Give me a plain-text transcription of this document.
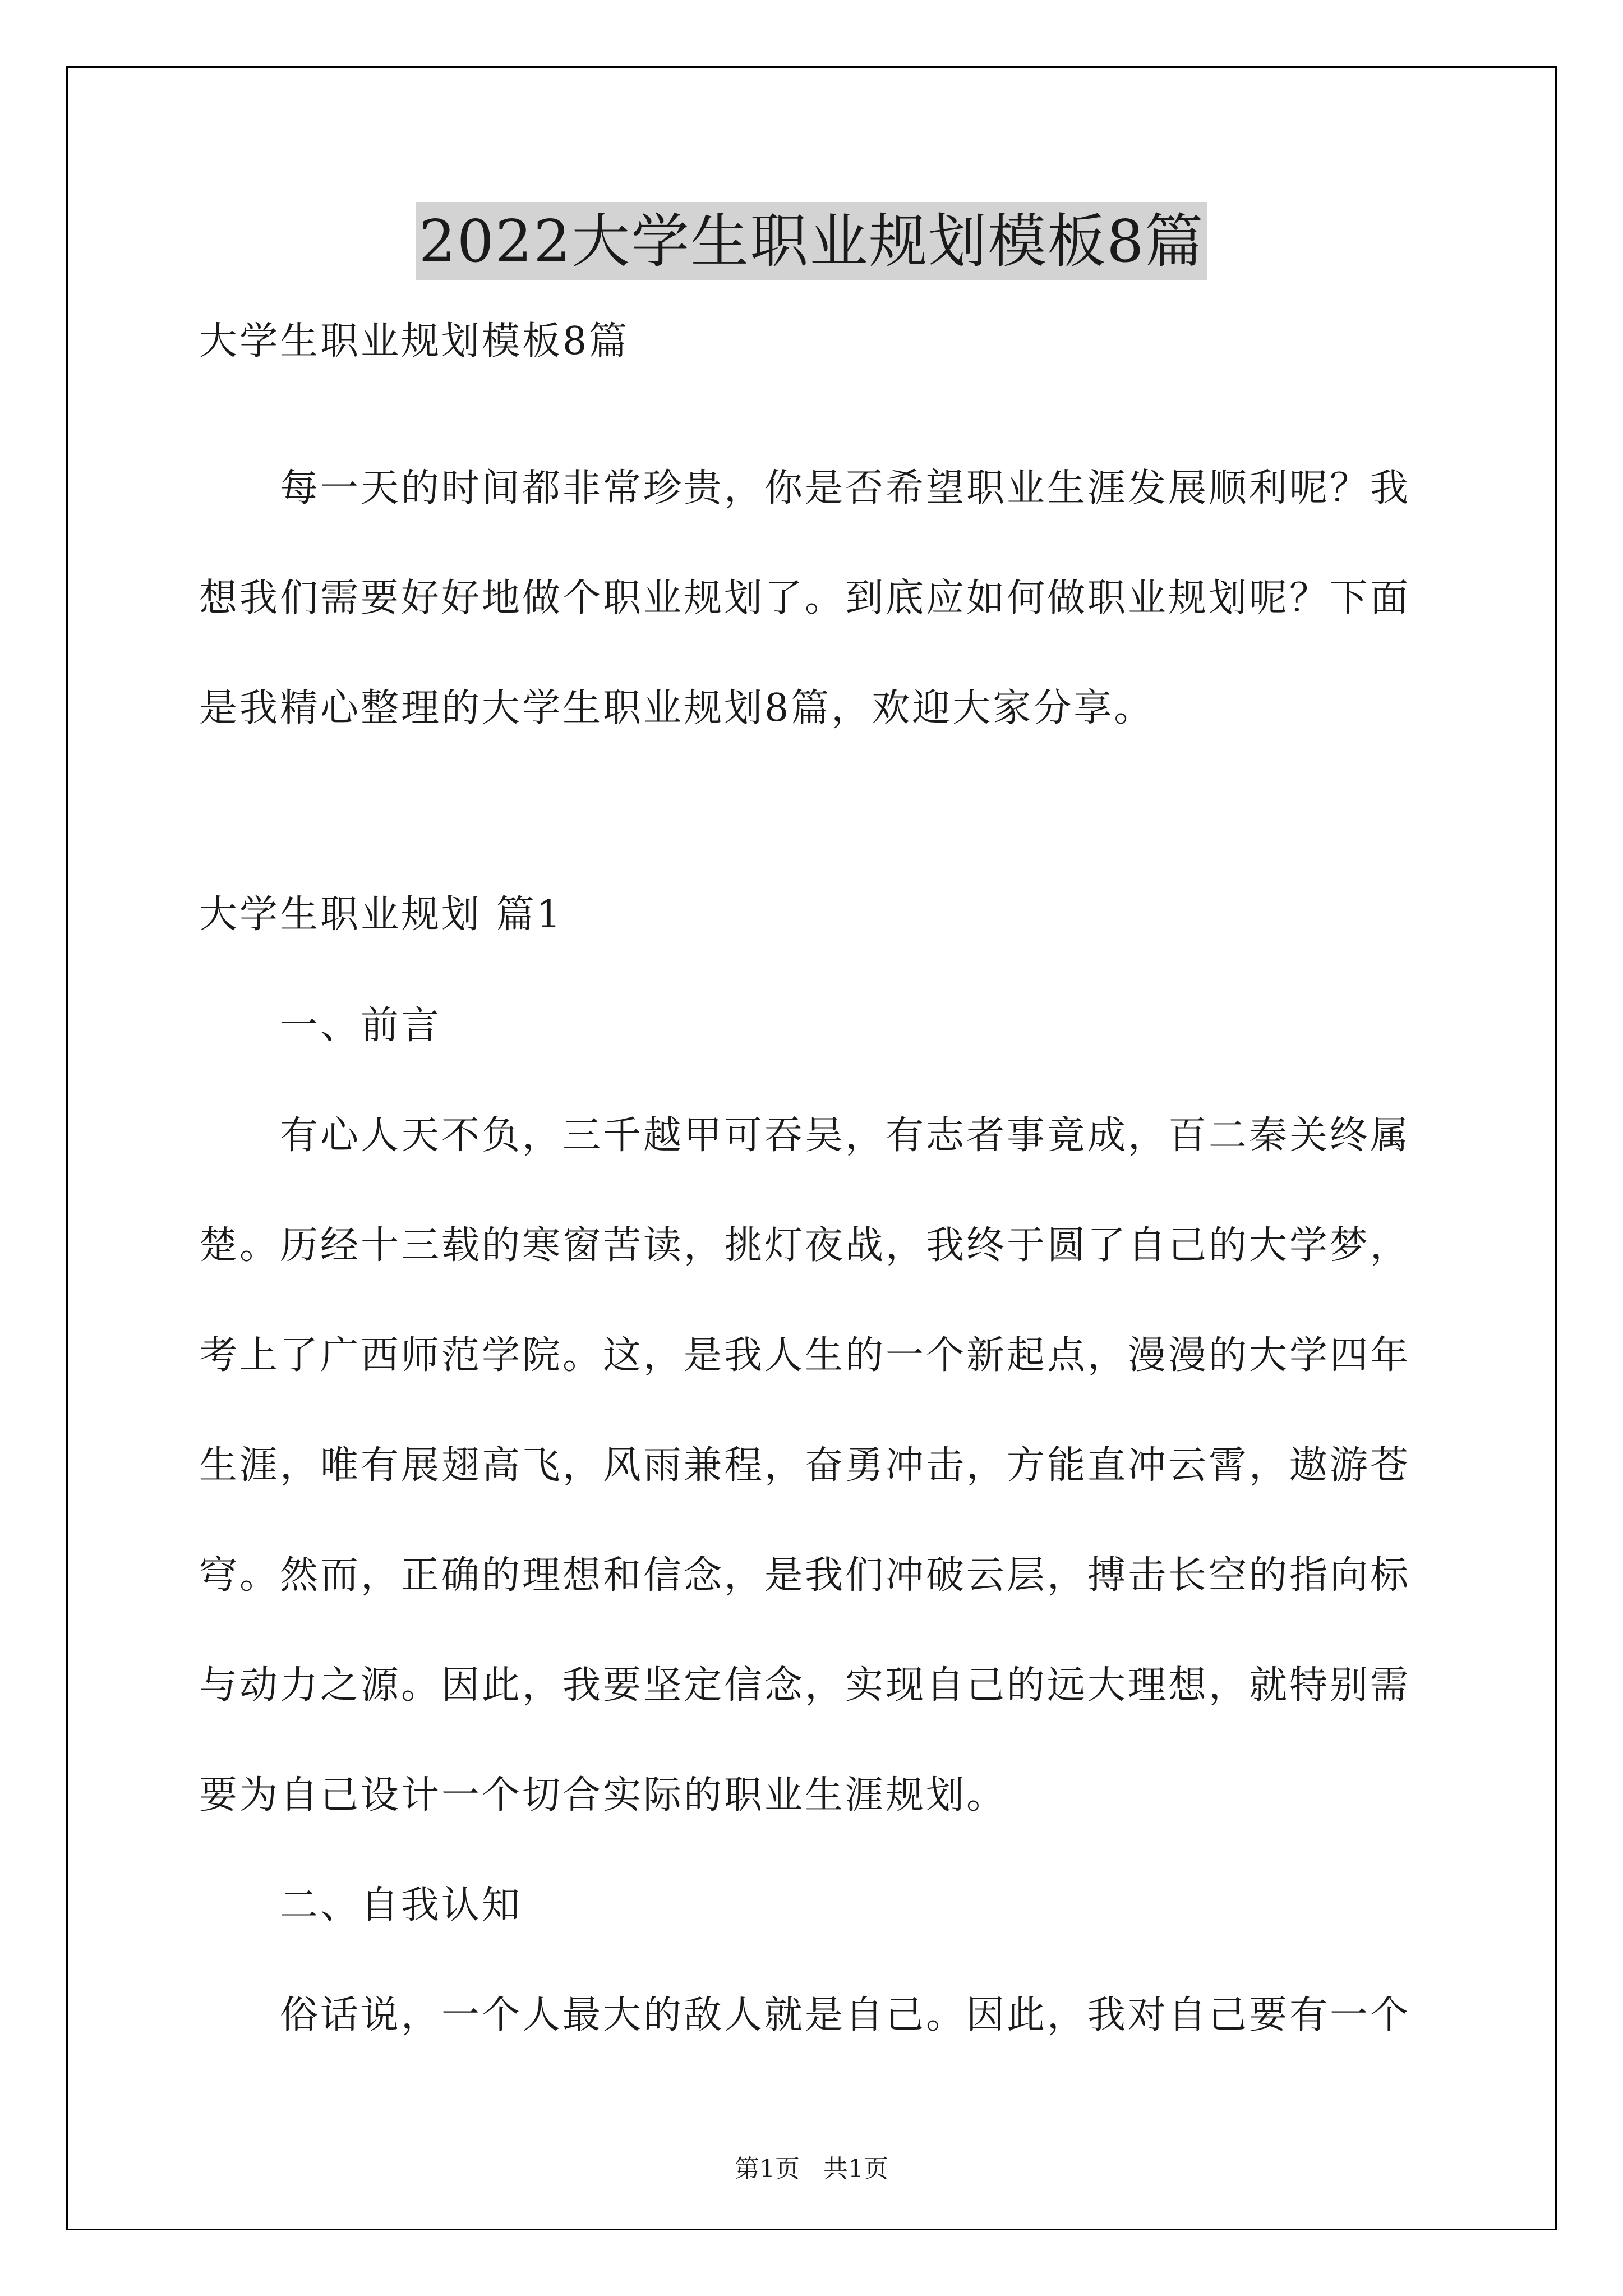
2022大学生职业规划模板8篇
大学生职业规划模板8篇
每一天的时间都非常珍贵，你是否希望职业生涯发展顺利呢？我
想我们需要好好地做个职业规划了。到底应如何做职业规划呢？下面
是我精心整理的大学生职业规划8篇，欢迎大家分享。
大学生职业规划 篇1
一、前言
有心人天不负，三千越甲可吞吴，有志者事竟成，百二秦关终属
楚。历经十三载的寒窗苦读，挑灯夜战，我终于圆了自己的大学梦，
考上了广西师范学院。这，是我人生的一个新起点，漫漫的大学四年
生涯，唯有展翅高飞，风雨兼程，奋勇冲击，方能直冲云霄，遨游苍
穹。然而，正确的理想和信念，是我们冲破云层，搏击长空的指向标
与动力之源。因此，我要坚定信念，实现自己的远大理想，就特别需
要为自己设计一个切合实际的职业生涯规划。
二、自我认知
俗话说，一个人最大的敌人就是自己。因此，我对自己要有一个
第1页   共1页
